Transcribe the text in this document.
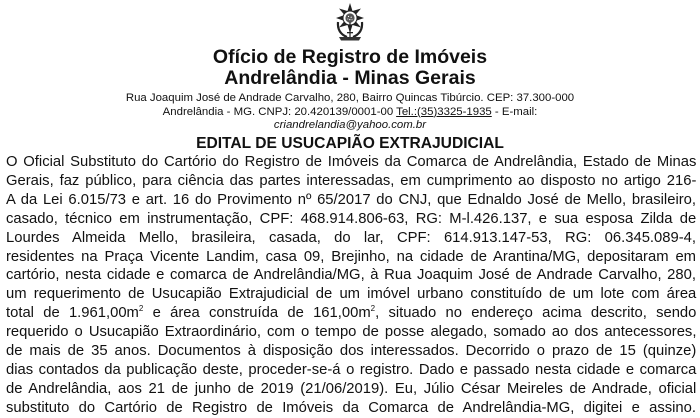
Ofício de Registro de Imóveis

Andrelândia - Minas Gerais

Rua Joaquim José de Andrade Carvalho, 280, Bairro Quincas Tibúrcio. CEP: 37.300-000

Andrelândia - MG. CNPJ: 20.420139/0001-00 Tel.:(35)3325-1935 - E-mail:

criandrelandia@yahoo.com.br

EDITAL DE USUCAPIÃO EXTRAJUDICIAL
O Oficial Substituto do Cartório do Registro de Imóveis da Comarca de Andrelândia, Estado de Minas
Gerais, faz público, para ciência das partes interessadas, em cumprimento ao disposto no artigo 216-
A da Lei 6.015/73 e art. 16 do Provimento nº 65/2017 do CNJ, que Ednaldo José de Mello, brasileiro,
casado, técnico em instrumentação, CPF: 468.914.806-63, RG: M-l.426.137, e sua esposa Zilda de
Lourdes Almeida Mello, brasileira, casada, do lar, CPF: 614.913.147-53, RG: 06.345.089-4,
residentes na Praça Vicente Landim, casa 09, Brejinho, na cidade de Arantina/MG, depositaram em
cartório, nesta cidade e comarca de Andrelândia/MG, à Rua Joaquim José de Andrade Carvalho, 280,
um requerimento de Usucapião Extrajudicial de um imóvel urbano constituído de um lote com área
total de $1.961,00m^2$ e área construída de $161,00m^2$, situado no endereço acima descrito, sendo
requerido o Usucapião Extraordinário, com o tempo de posse alegado, somado ao dos antecessores,
de mais de 35 anos. Documentos à disposição dos interessados. Decorrido o prazo de 15 (quinze)
dias contados da publicação deste, proceder-se-á o registro. Dado e passado nesta cidade e comarca
de Andrelândia, aos 21 de junho de 2019 (21/06/2019). Eu, Júlio César Meireles de Andrade, oficial
substituto do Cartório de Registro de Imóveis da Comarca de Andrelândia-MG, digitei e assino.
